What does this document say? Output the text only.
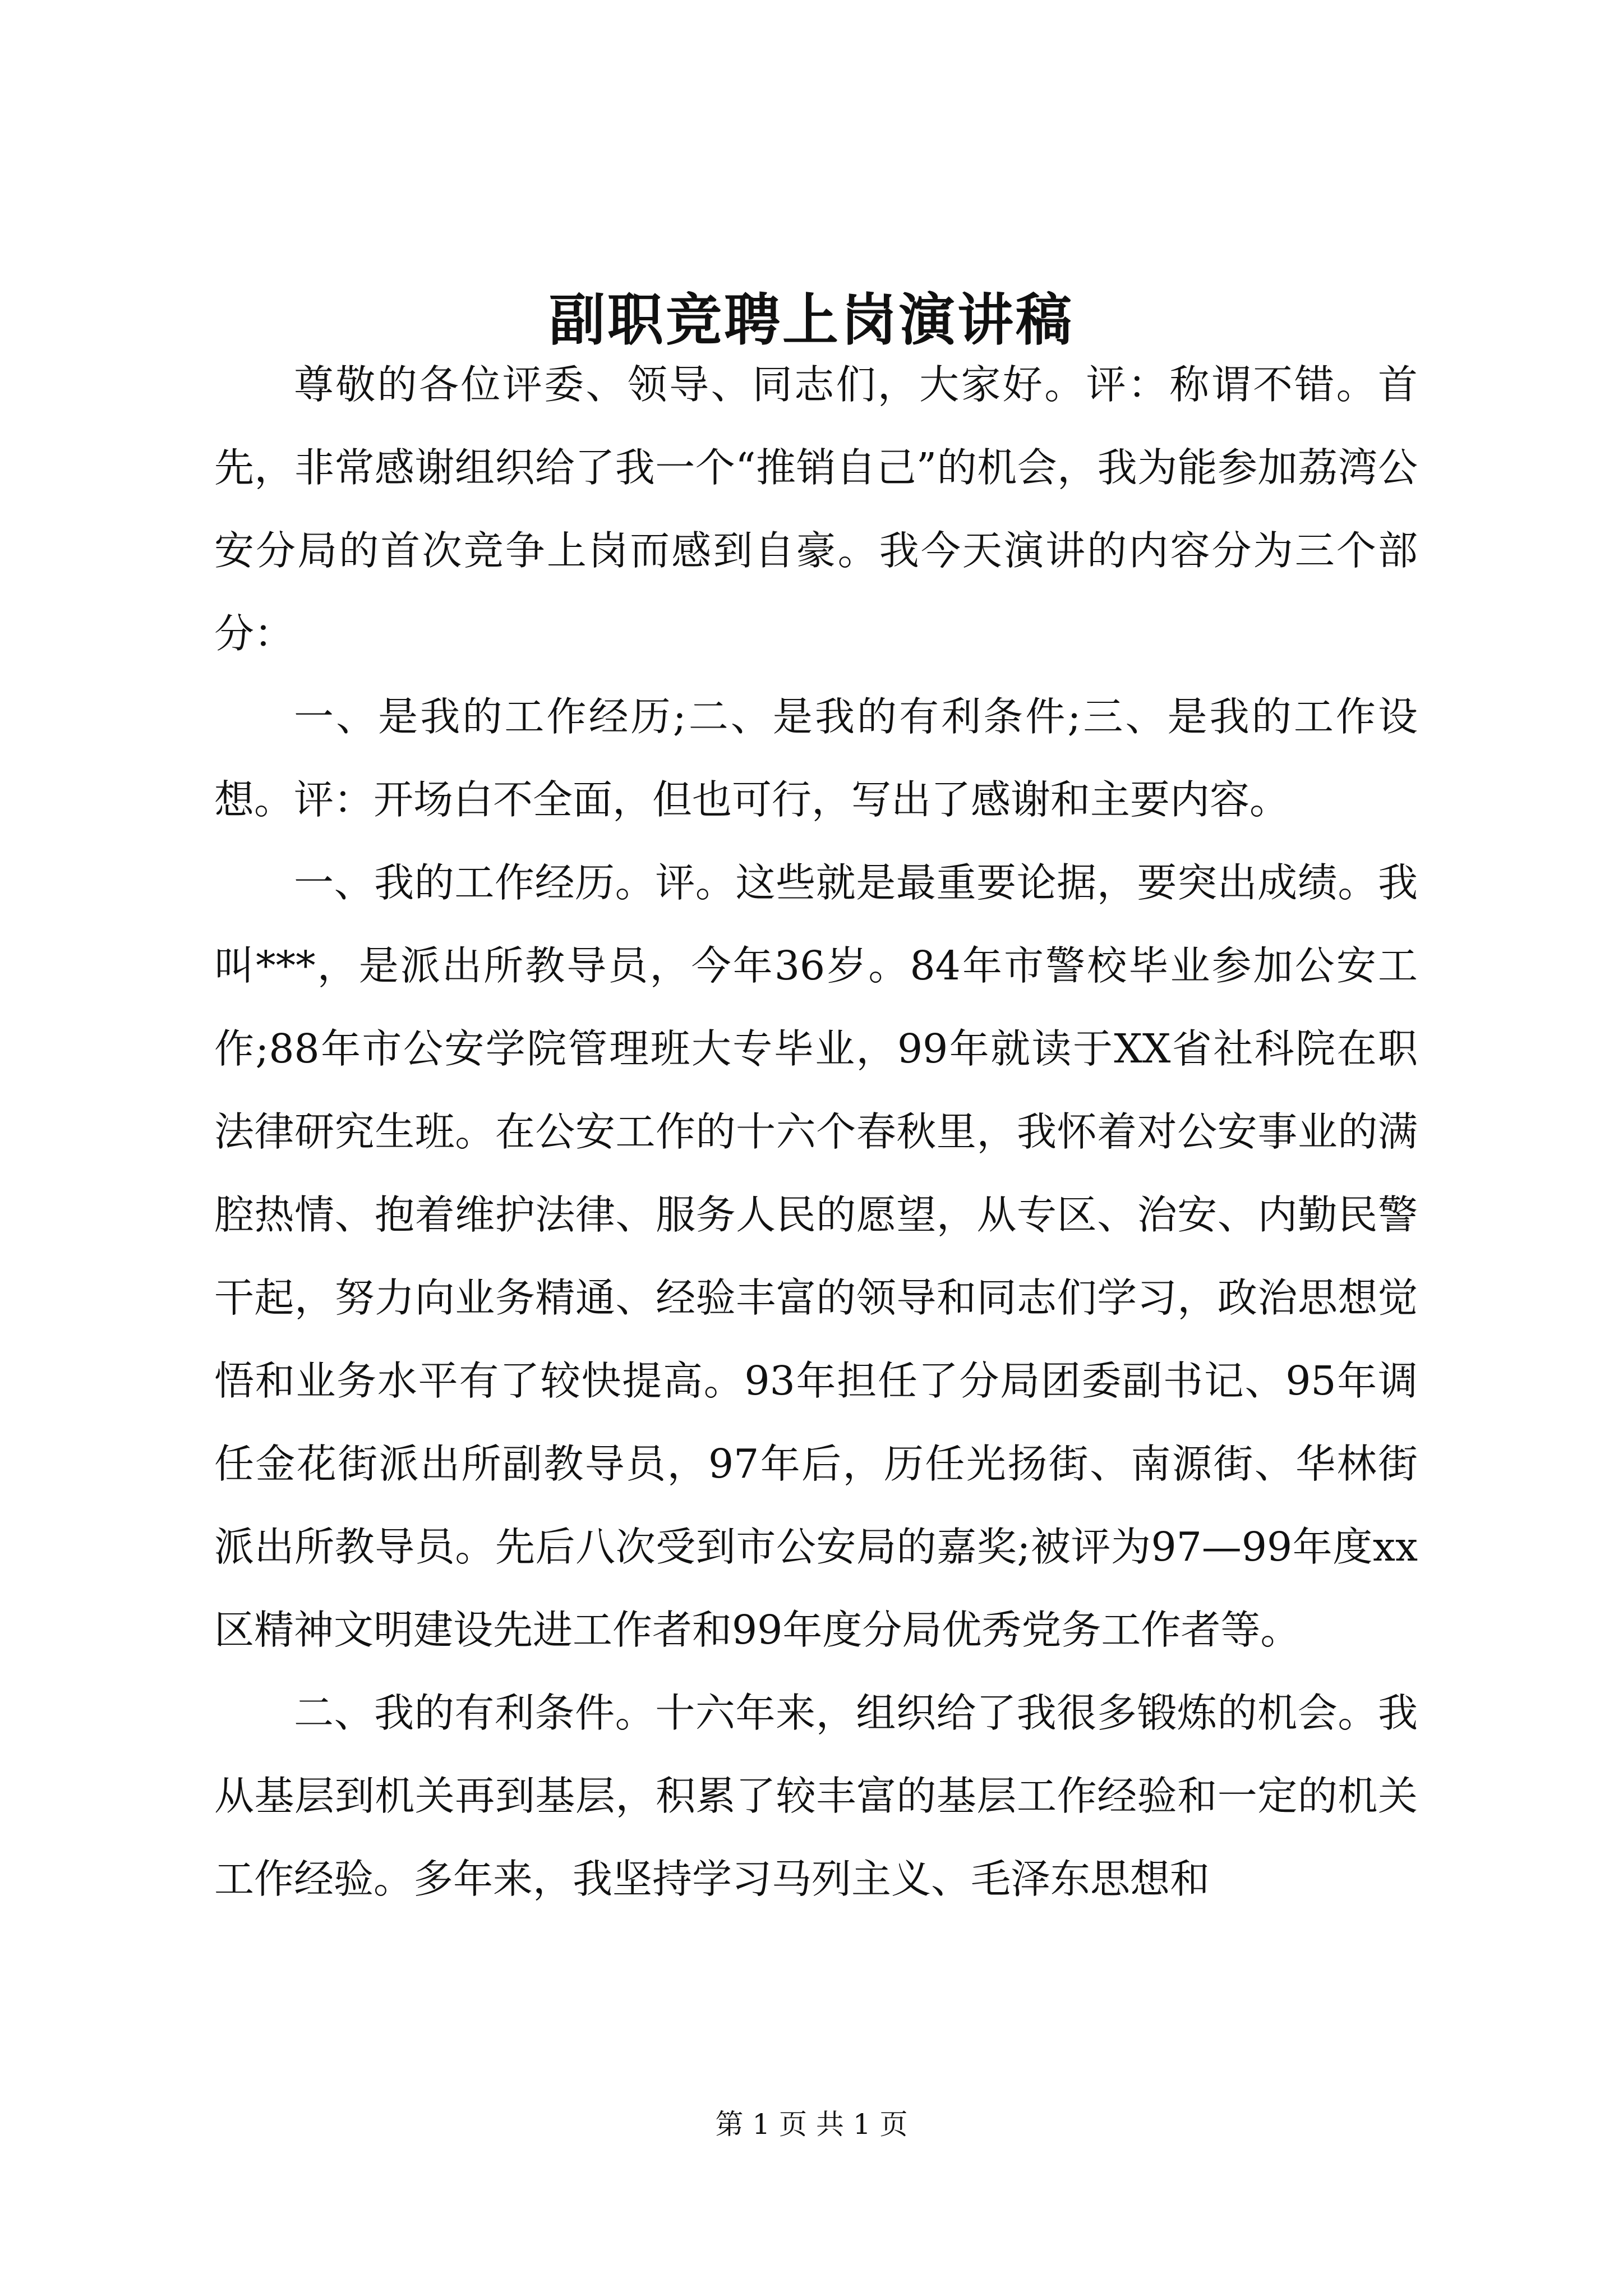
副职竞聘上岗演讲稿

尊敬的各位评委、领导、同志们，大家好。评：称谓不错。首先，非常感谢组织给了我一个“推销自己”的机会，我为能参加荔湾公安分局的首次竞争上岗而感到自豪。我今天演讲的内容分为三个部分：

一、是我的工作经历;二、是我的有利条件;三、是我的工作设想。评：开场白不全面，但也可行，写出了感谢和主要内容。

一、我的工作经历。评。这些就是最重要论据，要突出成绩。我叫***，是派出所教导员，今年36岁。84年市警校毕业参加公安工作;88年市公安学院管理班大专毕业，99年就读于XX省社科院在职法律研究生班。在公安工作的十六个春秋里，我怀着对公安事业的满腔热情、抱着维护法律、服务人民的愿望，从专区、治安、内勤民警干起，努力向业务精通、经验丰富的领导和同志们学习，政治思想觉悟和业务水平有了较快提高。93年担任了分局团委副书记、95年调任金花街派出所副教导员，97年后，历任光扬街、南源街、华林街派出所教导员。先后八次受到市公安局的嘉奖;被评为97—99年度xx区精神文明建设先进工作者和99年度分局优秀党务工作者等。

二、我的有利条件。十六年来，组织给了我很多锻炼的机会。我从基层到机关再到基层，积累了较丰富的基层工作经验和一定的机关工作经验。多年来，我坚持学习马列主义、毛泽东思想和

第 1 页 共 1 页
